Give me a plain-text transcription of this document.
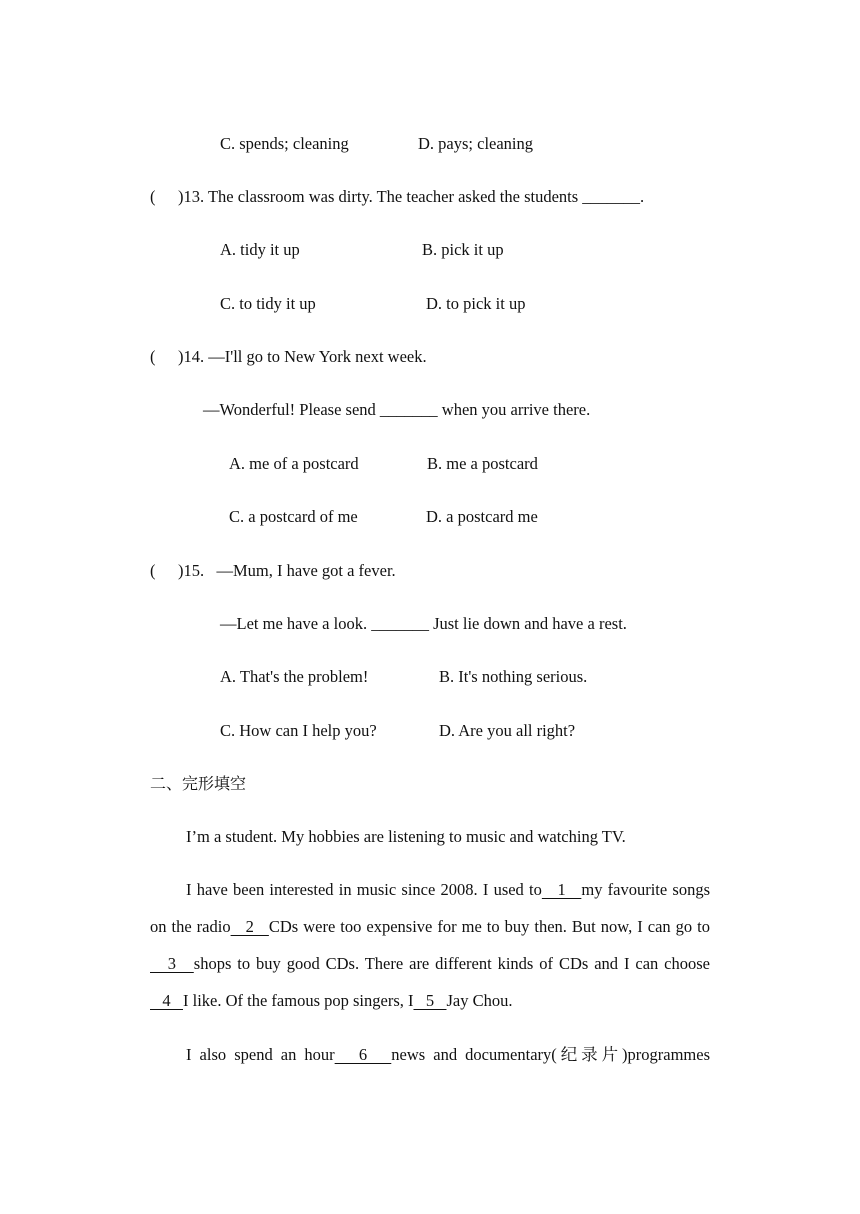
C. spends; cleaning	D. pays; cleaning
( )13. The classroom was dirty. The teacher asked the students _______.
A. tidy it up	B. pick it up
C. to tidy it up	D. to pick it up
( )14. —I'll go to New York next week.
—Wonderful! Please send _______ when you arrive there.
A. me of a postcard	B. me a postcard
C. a postcard of me	D. a postcard me
( )15.   —Mum, I have got a fever.
—Let me have a look. _______ Just lie down and have a rest.
A. That's the problem!	B. It's nothing serious.
C. How can I help you?	D. Are you all right?
二、完形填空
I’m a student. My hobbies are listening to music and watching TV.
I have been interested in music since 2008. I used to   1   my favourite songs on the radio   2   CDs were too expensive for me to buy then. But now, I can go to   3   shops to buy good CDs. There are different kinds of CDs and I can choose   4   I like. Of the famous pop singers, I   5   Jay Chou.
I also spend an hour   6   news and documentary(纪录片)programmes
